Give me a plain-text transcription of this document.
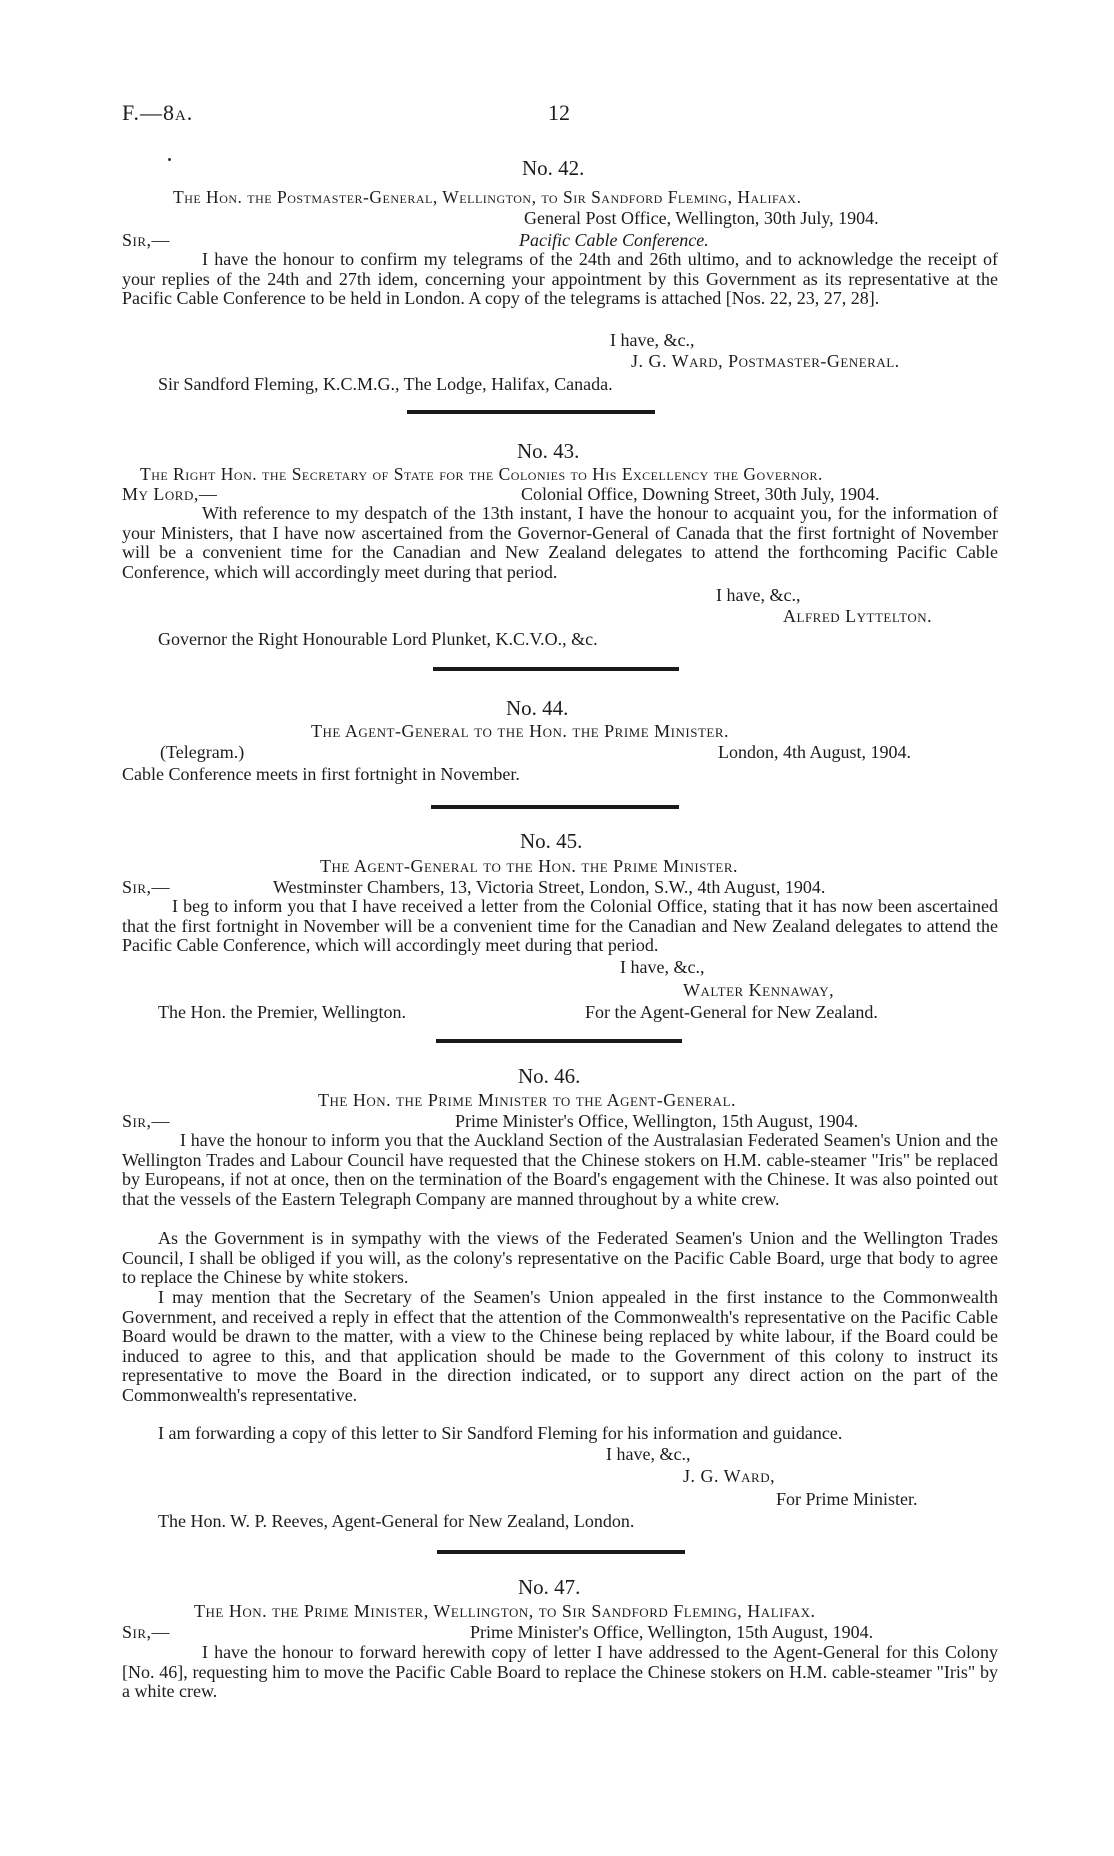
F.—8a.	12
No. 42.
The Hon. the Postmaster-General, Wellington, to Sir Sandford Fleming, Halifax.
General Post Office, Wellington, 30th July, 1904.
Sir,—	Pacific Cable Conference.
I have the honour to confirm my telegrams of the 24th and 26th ultimo, and to acknowledge the receipt of your replies of the 24th and 27th idem, concerning your appointment by this Government as its representative at the Pacific Cable Conference to be held in London. A copy of the telegrams is attached [Nos. 22, 23, 27, 28].
I have, &c.,
J. G. Ward, Postmaster-General.
Sir Sandford Fleming, K.C.M.G., The Lodge, Halifax, Canada.
No. 43.
The Right Hon. the Secretary of State for the Colonies to His Excellency the Governor.
My Lord,—	Colonial Office, Downing Street, 30th July, 1904.
With reference to my despatch of the 13th instant, I have the honour to acquaint you, for the information of your Ministers, that I have now ascertained from the Governor-General of Canada that the first fortnight of November will be a convenient time for the Canadian and New Zealand delegates to attend the forthcoming Pacific Cable Conference, which will accordingly meet during that period.
I have, &c.,
Alfred Lyttelton.
Governor the Right Honourable Lord Plunket, K.C.V.O., &c.
No. 44.
The Agent-General to the Hon. the Prime Minister.
(Telegram.)	London, 4th August, 1904.
Cable Conference meets in first fortnight in November.
No. 45.
The Agent-General to the Hon. the Prime Minister.
Sir,—	Westminster Chambers, 13, Victoria Street, London, S.W., 4th August, 1904.
I beg to inform you that I have received a letter from the Colonial Office, stating that it has now been ascertained that the first fortnight in November will be a convenient time for the Canadian and New Zealand delegates to attend the Pacific Cable Conference, which will accordingly meet during that period.
I have, &c.,
Walter Kennaway,
The Hon. the Premier, Wellington.	For the Agent-General for New Zealand.
No. 46.
The Hon. the Prime Minister to the Agent-General.
Sir,—	Prime Minister's Office, Wellington, 15th August, 1904.
I have the honour to inform you that the Auckland Section of the Australasian Federated Seamen's Union and the Wellington Trades and Labour Council have requested that the Chinese stokers on H.M. cable-steamer "Iris" be replaced by Europeans, if not at once, then on the termination of the Board's engagement with the Chinese. It was also pointed out that the vessels of the Eastern Telegraph Company are manned throughout by a white crew.
As the Government is in sympathy with the views of the Federated Seamen's Union and the Wellington Trades Council, I shall be obliged if you will, as the colony's representative on the Pacific Cable Board, urge that body to agree to replace the Chinese by white stokers.
I may mention that the Secretary of the Seamen's Union appealed in the first instance to the Commonwealth Government, and received a reply in effect that the attention of the Commonwealth's representative on the Pacific Cable Board would be drawn to the matter, with a view to the Chinese being replaced by white labour, if the Board could be induced to agree to this, and that application should be made to the Government of this colony to instruct its representative to move the Board in the direction indicated, or to support any direct action on the part of the Commonwealth's representative.
I am forwarding a copy of this letter to Sir Sandford Fleming for his information and guidance.
I have, &c.,
J. G. Ward,
For Prime Minister.
The Hon. W. P. Reeves, Agent-General for New Zealand, London.
No. 47.
The Hon. the Prime Minister, Wellington, to Sir Sandford Fleming, Halifax.
Sir,—	Prime Minister's Office, Wellington, 15th August, 1904.
I have the honour to forward herewith copy of letter I have addressed to the Agent-General for this Colony [No. 46], requesting him to move the Pacific Cable Board to replace the Chinese stokers on H.M. cable-steamer "Iris" by a white crew.
